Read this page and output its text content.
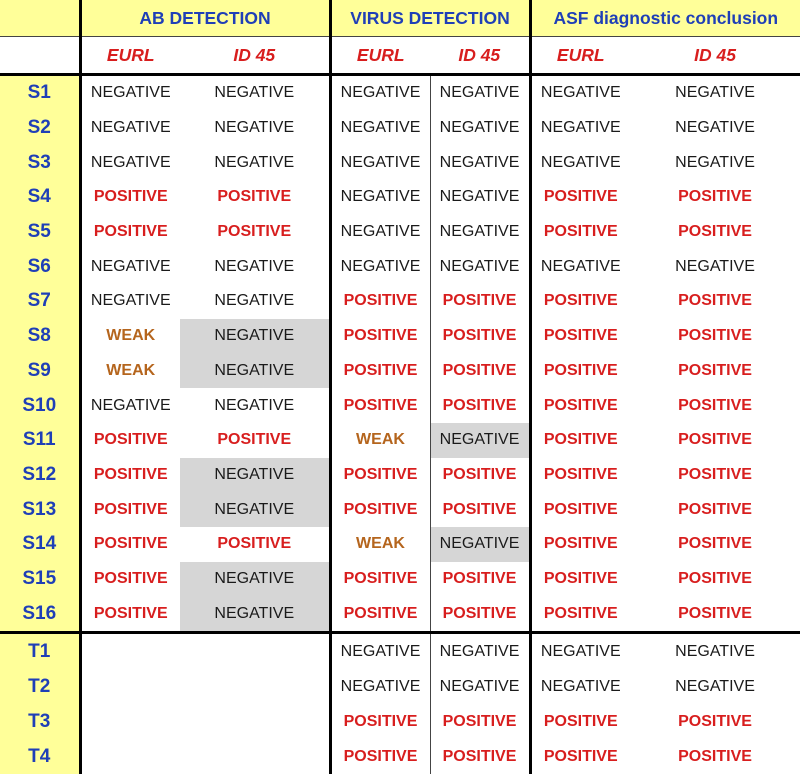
	AB DETECTION		VIRUS DETECTION		ASF diagnostic conclusion	
	EURL	ID 45	EURL	ID 45	EURL	ID 45
S1	NEGATIVE	NEGATIVE	NEGATIVE	NEGATIVE	NEGATIVE	NEGATIVE
S2	NEGATIVE	NEGATIVE	NEGATIVE	NEGATIVE	NEGATIVE	NEGATIVE
S3	NEGATIVE	NEGATIVE	NEGATIVE	NEGATIVE	NEGATIVE	NEGATIVE
S4	POSITIVE	POSITIVE	NEGATIVE	NEGATIVE	POSITIVE	POSITIVE
S5	POSITIVE	POSITIVE	NEGATIVE	NEGATIVE	POSITIVE	POSITIVE
S6	NEGATIVE	NEGATIVE	NEGATIVE	NEGATIVE	NEGATIVE	NEGATIVE
S7	NEGATIVE	NEGATIVE	POSITIVE	POSITIVE	POSITIVE	POSITIVE
S8	WEAK	NEGATIVE	POSITIVE	POSITIVE	POSITIVE	POSITIVE
S9	WEAK	NEGATIVE	POSITIVE	POSITIVE	POSITIVE	POSITIVE
S10	NEGATIVE	NEGATIVE	POSITIVE	POSITIVE	POSITIVE	POSITIVE
S11	POSITIVE	POSITIVE	WEAK	NEGATIVE	POSITIVE	POSITIVE
S12	POSITIVE	NEGATIVE	POSITIVE	POSITIVE	POSITIVE	POSITIVE
S13	POSITIVE	NEGATIVE	POSITIVE	POSITIVE	POSITIVE	POSITIVE
S14	POSITIVE	POSITIVE	WEAK	NEGATIVE	POSITIVE	POSITIVE
S15	POSITIVE	NEGATIVE	POSITIVE	POSITIVE	POSITIVE	POSITIVE
S16	POSITIVE	NEGATIVE	POSITIVE	POSITIVE	POSITIVE	POSITIVE
T1			NEGATIVE	NEGATIVE	NEGATIVE	NEGATIVE
T2			NEGATIVE	NEGATIVE	NEGATIVE	NEGATIVE
T3			POSITIVE	POSITIVE	POSITIVE	POSITIVE
T4			POSITIVE	POSITIVE	POSITIVE	POSITIVE
